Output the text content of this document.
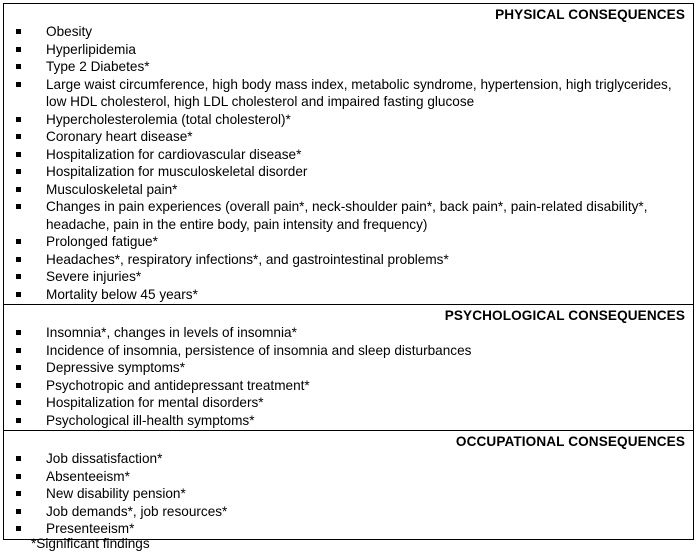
PHYSICAL CONSEQUENCES
Obesity
Hyperlipidemia
Type 2 Diabetes*
Large waist circumference, high body mass index, metabolic syndrome, hypertension, high triglycerides, low HDL cholesterol, high LDL cholesterol and impaired fasting glucose
Hypercholesterolemia (total cholesterol)*
Coronary heart disease*
Hospitalization for cardiovascular disease*
Hospitalization for musculoskeletal disorder
Musculoskeletal pain*
Changes in pain experiences (overall pain*, neck-shoulder pain*, back pain*, pain-related disability*, headache, pain in the entire body, pain intensity and frequency)
Prolonged fatigue*
Headaches*, respiratory infections*, and gastrointestinal problems*
Severe injuries*
Mortality below 45 years*
PSYCHOLOGICAL CONSEQUENCES
Insomnia*, changes in levels of insomnia*
Incidence of insomnia, persistence of insomnia and sleep disturbances
Depressive symptoms*
Psychotropic and antidepressant treatment*
Hospitalization for mental disorders*
Psychological ill-health symptoms*
OCCUPATIONAL CONSEQUENCES
Job dissatisfaction*
Absenteeism*
New disability pension*
Job demands*, job resources*
Presenteeism*
*Significant findings
